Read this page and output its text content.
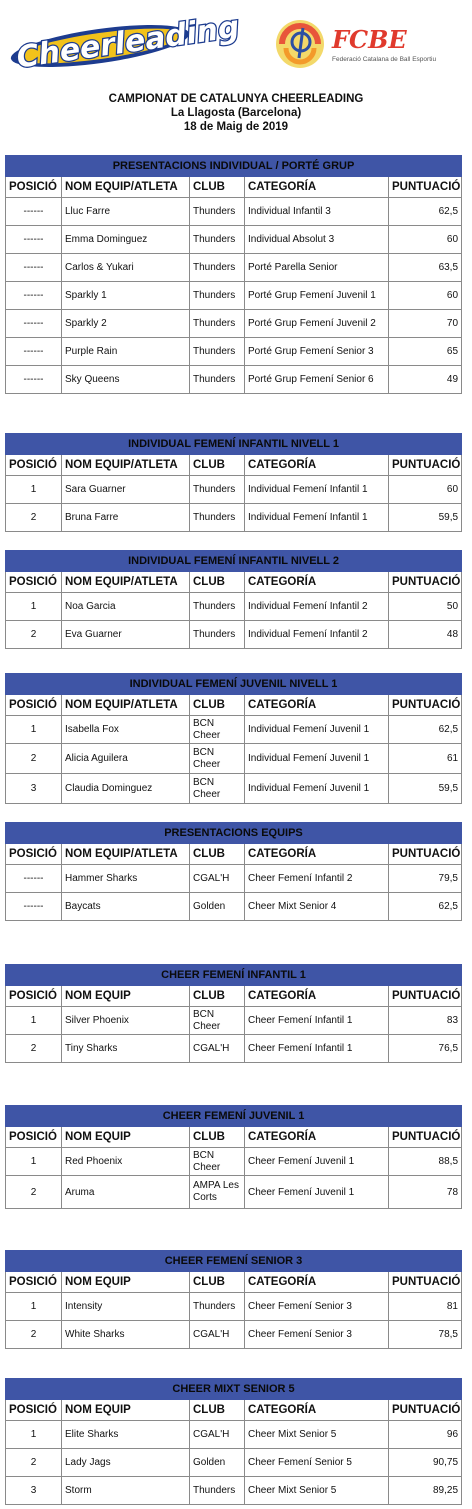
Cheerleading	FCBE
Federació Catalana de Ball Esportiu
CAMPIONAT DE CATALUNYA CHEERLEADING
La Llagosta (Barcelona)
18 de Maig de 2019
PRESENTACIONS INDIVIDUAL / PORTÉ GRUP				
POSICIÓ	NOM EQUIP/ATLETA	CLUB	CATEGORÍA	PUNTUACIÓ
------	Lluc Farre	Thunders	Individual Infantil 3	62,5
------	Emma Dominguez	Thunders	Individual Absolut 3	60
------	Carlos & Yukari	Thunders	Porté Parella Senior	63,5
------	Sparkly 1	Thunders	Porté Grup Femení Juvenil 1	60
------	Sparkly 2	Thunders	Porté Grup Femení Juvenil 2	70
------	Purple Rain	Thunders	Porté Grup Femení Senior 3	65
------	Sky Queens	Thunders	Porté Grup Femení Senior 6	49
INDIVIDUAL FEMENÍ INFANTIL NIVELL 1				
POSICIÓ	NOM EQUIP/ATLETA	CLUB	CATEGORÍA	PUNTUACIÓ
1	Sara Guarner	Thunders	Individual Femení Infantil 1	60
2	Bruna Farre	Thunders	Individual Femení Infantil 1	59,5
INDIVIDUAL FEMENÍ INFANTIL NIVELL 2				
POSICIÓ	NOM EQUIP/ATLETA	CLUB	CATEGORÍA	PUNTUACIÓ
1	Noa Garcia	Thunders	Individual Femení Infantil 2	50
2	Eva Guarner	Thunders	Individual Femení Infantil 2	48
INDIVIDUAL FEMENÍ JUVENIL NIVELL 1				
POSICIÓ	NOM EQUIP/ATLETA	CLUB	CATEGORÍA	PUNTUACIÓ
1	Isabella Fox	BCN Cheer	Individual Femení Juvenil 1	62,5
2	Alicia Aguilera	BCN Cheer	Individual Femení Juvenil 1	61
3	Claudia Dominguez	BCN Cheer	Individual Femení Juvenil 1	59,5
PRESENTACIONS EQUIPS				
POSICIÓ	NOM EQUIP/ATLETA	CLUB	CATEGORÍA	PUNTUACIÓ
------	Hammer Sharks	CGAL'H	Cheer Femení Infantil 2	79,5
------	Baycats	Golden	Cheer Mixt Senior 4	62,5
CHEER FEMENÍ INFANTIL 1				
POSICIÓ	NOM EQUIP	CLUB	CATEGORÍA	PUNTUACIÓ
1	Silver Phoenix	BCN Cheer	Cheer Femení Infantil 1	83
2	Tiny Sharks	CGAL'H	Cheer Femení Infantil 1	76,5
CHEER FEMENÍ JUVENIL 1				
POSICIÓ	NOM EQUIP	CLUB	CATEGORÍA	PUNTUACIÓ
1	Red Phoenix	BCN Cheer	Cheer Femení Juvenil 1	88,5
2	Aruma	AMPA Les Corts	Cheer Femení Juvenil 1	78
CHEER FEMENÍ SENIOR 3				
POSICIÓ	NOM EQUIP	CLUB	CATEGORÍA	PUNTUACIÓ
1	Intensity	Thunders	Cheer Femení Senior 3	81
2	White Sharks	CGAL'H	Cheer Femení Senior 3	78,5
CHEER MIXT SENIOR 5				
POSICIÓ	NOM EQUIP	CLUB	CATEGORÍA	PUNTUACIÓ
1	Elite Sharks	CGAL'H	Cheer Mixt Senior 5	96
2	Lady Jags	Golden	Cheer Femení Senior 5	90,75
3	Storm	Thunders	Cheer Mixt Senior 5	89,25
